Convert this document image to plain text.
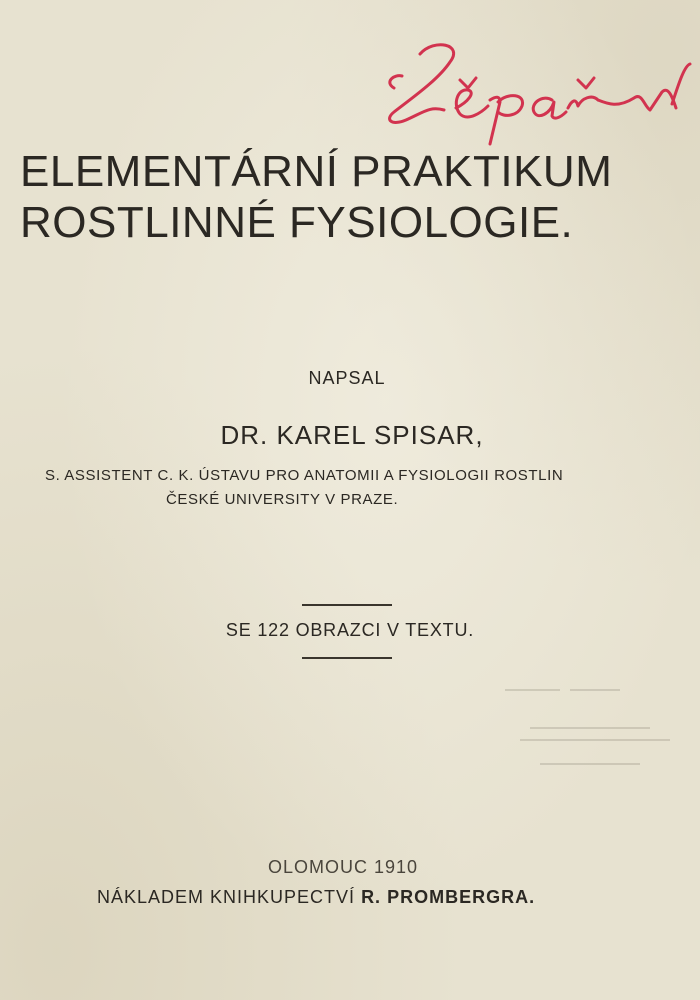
Lepař
ELEMENTÁRNÍ PRAKTIKUM
ROSTLINNÉ FYSIOLOGIE.
NAPSAL
DR. KAREL SPISAR,
S. ASSISTENT C. K. ÚSTAVU PRO ANATOMII A FYSIOLOGII ROSTLIN
ČESKÉ UNIVERSITY V PRAZE.
SE 122 OBRAZCI V TEXTU.
OLOMOUC 1910
NÁKLADEM KNIHKUPECTVÍ R. PROMBERGRA.
